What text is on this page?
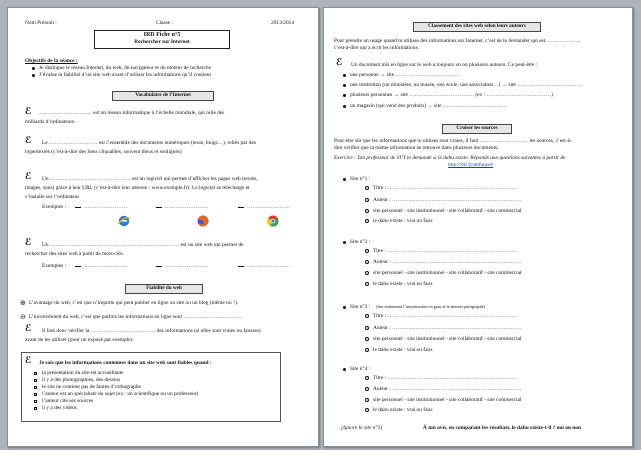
Nom Prénom :	Classe :	2013/2014
IRD Fiche n°5
Rechercher sur Internet
Objectifs de la séance :
Je distingue le réseau Internet, du web, du navigateur et du moteur de recherche
J’évalue la fiabilité d’un site web avant d’utiliser les informations qu’il contient
Vocabulaire de l’Internet
ℰ ………………………… est un réseau informatique à l’échelle mondiale, qui relie des
milliards d’ordinateurs.
ℰ Le ……………………… est l’ensemble des documents numériques (texte, blogs…), reliés par des
hypertextes (c’est-à-dire des liens cliquables, souvent bleus et soulignés)
ℰ Un ……………………………………… est un logiciel qui permet d’afficher les pages web (textes,
images, sons) grâce à leur URL (c’est-à-dire leur adresse : www.exemple.fr). Le logiciel se télécharge et
s’installe sur l’ordinateur.
Exemples :	……………………	……………………	……………………
ℰ Un ……………………………………………………………… est un site web qui permet de
rechercher des sites web à partir de mots-clés.
Exemples :	……………………	……………………	……………………
Fiabilité du web
⊕ L’avantage du web, c’est que n’importe qui peut publier en ligne un site ou un blog (même toi !).
⊖ L’inconvénient du web, c’est que parfois les informations en ligne sont ……………………………
ℰ Il faut donc vérifier la ……………………………… des informations (si elles sont vraies ou fausses)
avant de les utiliser (pour un exposé par exemple).
ℰ Je sais que les informations contenues dans un site web sont fiables quand :
la présentation du site est accueillante
il y a des photographies, des dessins
le site ne contient pas de fautes d’orthographe
l’auteur est un spécialiste du sujet (ex : un scientifique ou un professeur)
l’auteur cite ses sources
il y a des vidéos
Classement des sites web selon leurs auteurs
Pour prendre un usage quand tu utilises des informations sur Internet, c’est de te demander qui est ………………,
c’est-à-dire qui a écrit les informations.
ℰ Un document mis en ligne sur le web a toujours un ou plusieurs auteurs. Ce peut-être :
une personne → site ………………………………
une institution (un ministère, un musée, une école, une association…) → site ………………………………
plusieurs personnes → site ……………………………… (ex : ………………………………)
un magasin (qui vend des produits) → site ………………………………
Croiser les sources
Pour être sûr que les informations que tu utilises sont vraies, il faut ……………………… les sources, c’est-à-
dire vérifier que la même information se retrouve dans plusieurs documents.
Exercice : Ton professeur de SVT te demande si le dahu existe. Réponds aux questions suivantes à partir de
http://bit.ly/dahuweb
Site n°1 :
Titre : ………………………………………………………………
Auteur : ………………………………………………………………
site personnel - site institutionnel - site collaboratif - site commercial
le dahu existe : vrai ou faux
Site n°2 :
Titre : ………………………………………………………………
Auteur : ………………………………………………………………
site personnel - site institutionnel - site collaboratif - site commercial
le dahu existe : vrai ou faux
Site n°3 : (lire seulement l’introduction en gras et le dernier paragraphe)
Titre : ………………………………………………………………
Auteur : ………………………………………………………………
site personnel - site institutionnel - site collaboratif - site commercial
le dahu existe : vrai ou faux
Site n°4 :
Titre : ………………………………………………………………
Auteur : ………………………………………………………………
site personnel - site institutionnel - site collaboratif - site commercial
le dahu existe : vrai ou faux
[Ignore le site n°3]	À ton avis, en comparant les résultats, le dahu existe-t-il ? oui ou non
